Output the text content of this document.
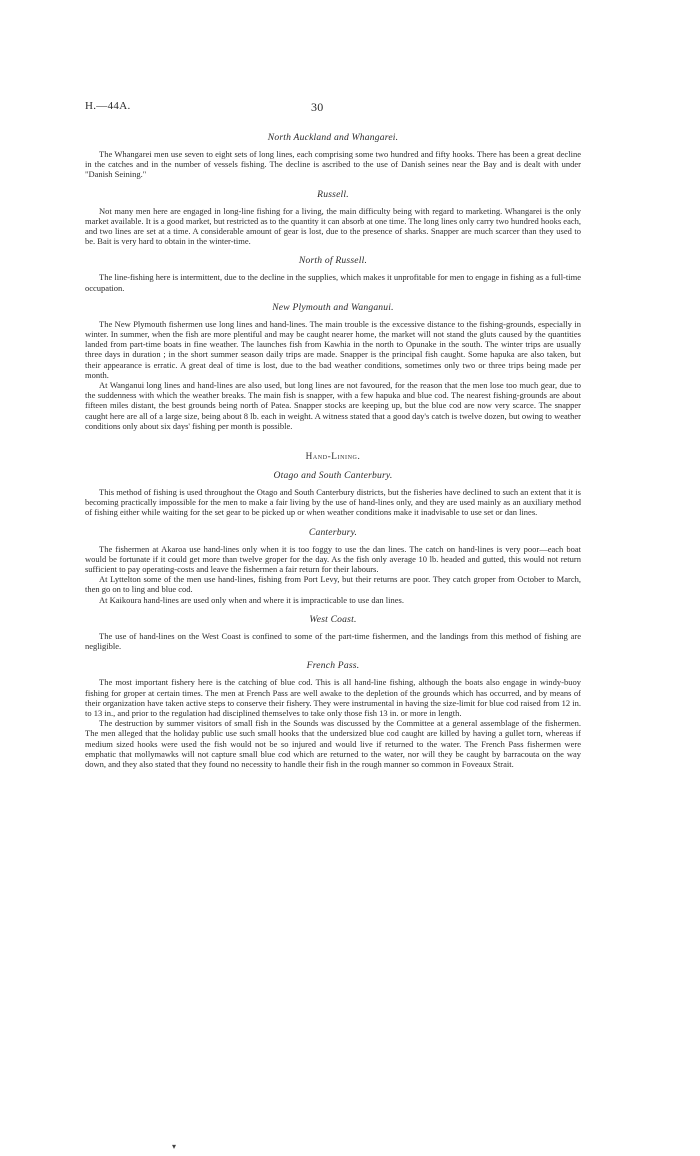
H.—44A.	30
North Auckland and Whangarei.

The Whangarei men use seven to eight sets of long lines, each comprising some two hundred and fifty hooks. There has been a great decline in the catches and in the number of vessels fishing. The decline is ascribed to the use of Danish seines near the Bay and is dealt with under "Danish Seining."

Russell.

Not many men here are engaged in long-line fishing for a living, the main difficulty being with regard to marketing. Whangarei is the only market available. It is a good market, but restricted as to the quantity it can absorb at one time. The long lines only carry two hundred hooks each, and two lines are set at a time. A considerable amount of gear is lost, due to the presence of sharks. Snapper are much scarcer than they used to be. Bait is very hard to obtain in the winter-time.

North of Russell.

The line-fishing here is intermittent, due to the decline in the supplies, which makes it unprofitable for men to engage in fishing as a full-time occupation.

New Plymouth and Wanganui.

The New Plymouth fishermen use long lines and hand-lines. The main trouble is the excessive distance to the fishing-grounds, especially in winter. In summer, when the fish are more plentiful and may be caught nearer home, the market will not stand the gluts caused by the quantities landed from part-time boats in fine weather. The launches fish from Kawhia in the north to Opunake in the south. The winter trips are usually three days in duration ; in the short summer season daily trips are made. Snapper is the principal fish caught. Some hapuka are also taken, but their appearance is erratic. A great deal of time is lost, due to the bad weather conditions, sometimes only two or three trips being made per month.

At Wanganui long lines and hand-lines are also used, but long lines are not favoured, for the reason that the men lose too much gear, due to the suddenness with which the weather breaks. The main fish is snapper, with a few hapuka and blue cod. The nearest fishing-grounds are about fifteen miles distant, the best grounds being north of Patea. Snapper stocks are keeping up, but the blue cod are now very scarce. The snapper caught here are all of a large size, being about 8 lb. each in weight. A witness stated that a good day's catch is twelve dozen, but owing to weather conditions only about six days' fishing per month is possible.

Hand-Lining.
Otago and South Canterbury.

This method of fishing is used throughout the Otago and South Canterbury districts, but the fisheries have declined to such an extent that it is becoming practically impossible for the men to make a fair living by the use of hand-lines only, and they are used mainly as an auxiliary method of fishing either while waiting for the set gear to be picked up or when weather conditions make it inadvisable to use set or dan lines.

Canterbury.

The fishermen at Akaroa use hand-lines only when it is too foggy to use the dan lines. The catch on hand-lines is very poor—each boat would be fortunate if it could get more than twelve groper for the day. As the fish only average 10 lb. headed and gutted, this would not return sufficient to pay operating-costs and leave the fishermen a fair return for their labours.

At Lyttelton some of the men use hand-lines, fishing from Port Levy, but their returns are poor. They catch groper from October to March, then go on to ling and blue cod.

At Kaikoura hand-lines are used only when and where it is impracticable to use dan lines.

West Coast.

The use of hand-lines on the West Coast is confined to some of the part-time fishermen, and the landings from this method of fishing are negligible.

French Pass.

The most important fishery here is the catching of blue cod. This is all hand-line fishing, although the boats also engage in windy-buoy fishing for groper at certain times. The men at French Pass are well awake to the depletion of the grounds which has occurred, and by means of their organization have taken active steps to conserve their fishery. They were instrumental in having the size-limit for blue cod raised from 12 in. to 13 in., and prior to the regulation had disciplined themselves to take only those fish 13 in. or more in length.

The destruction by summer visitors of small fish in the Sounds was discussed by the Committee at a general assemblage of the fishermen. The men alleged that the holiday public use such small hooks that the undersized blue cod caught are killed by having a gullet torn, whereas if medium sized hooks were used the fish would not be so injured and would live if returned to the water. The French Pass fishermen were emphatic that mollymawks will not capture small blue cod which are returned to the water, nor will they be caught by barracouta on the way down, and they also stated that they found no necessity to handle their fish in the rough manner so common in Foveaux Strait.

▾
